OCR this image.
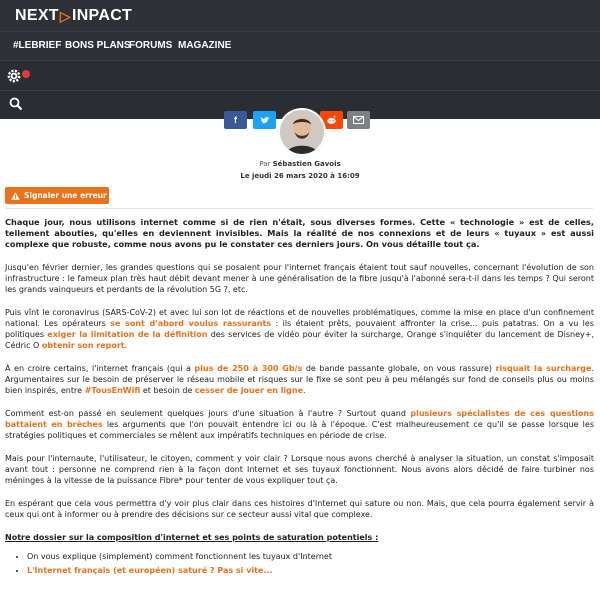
NEXT ▷ INPACT
#LEBRIEF BONS PLANS
FORUMS MAGAZINE
f
Par Sébastien Gavois
Le jeudi 26 mars 2020 à 16:09
Signaler une erreur

Chaque jour, nous utilisons internet comme si de rien n'était, sous diverses formes. Cette « technologie » est de celles, tellement abouties, qu'elles en deviennent invisibles. Mais la réalité de nos connexions et de leurs « tuyaux » est aussi complexe que robuste, comme nous avons pu le constater ces derniers jours. On vous détaille tout ça.

Jusqu'en février dernier, les grandes questions qui se posaient pour l'internet français étaient tout sauf nouvelles, concernant l'évolution de son infrastructure : le fameux plan très haut débit devant mener à une généralisation de la fibre jusqu'à l'abonné sera-t-il dans les temps ? Qui seront les grands vainqueurs et perdants de la révolution 5G ?, etc.

Puis vînt le coronavirus (SARS-CoV-2) et avec lui son lot de réactions et de nouvelles problématiques, comme la mise en place d'un confinement national. Les opérateurs se sont d'abord voulus rassurants : ils étaient prêts, pouvaient affronter la crise... puis patatras. On a vu les politiques exiger la limitation de la définition des services de vidéo pour éviter la surcharge, Orange s'inquiéter du lancement de Disney+, Cédric O obtenir son report.

À en croire certains, l'internet français (qui a plus de 250 à 300 Gb/s de bande passante globale, on vous rassure) risquait la surcharge. Argumentaires sur le besoin de préserver le réseau mobile et risques sur le fixe se sont peu à peu mélangés sur fond de conseils plus ou moins bien inspirés, entre #TousEnWifi et besoin de cesser de jouer en ligne.

Comment est-on passé en seulement quelques jours d'une situation à l'autre ? Surtout quand plusieurs spécialistes de ces questions battaient en brèches les arguments que l'on pouvait entendre ici ou là à l'époque. C'est malheureusement ce qu'il se passe lorsque les stratégies politiques et commerciales se mêlent aux impératifs techniques en période de crise.

Mais pour l'internaute, l'utilisateur, le citoyen, comment y voir clair ? Lorsque nous avons cherché à analyser la situation, un constat s'imposait avant tout : personne ne comprend rien à la façon dont Internet et ses tuyaux fonctionnent. Nous avons alors décidé de faire turbiner nos méninges à la vitesse de la puissance Fibre* pour tenter de vous expliquer tout ça.

En espérant que cela vous permettra d'y voir plus clair dans ces histoires d'Internet qui sature ou non. Mais, que cela pourra également servir à ceux qui ont à informer ou à prendre des décisions sur ce secteur aussi vital que complexe.

Notre dossier sur la composition d'internet et ses points de saturation potentiels :

• On vous explique (simplement) comment fonctionnent les tuyaux d'Internet
• L'Internet français (et européen) saturé ? Pas si vite...
